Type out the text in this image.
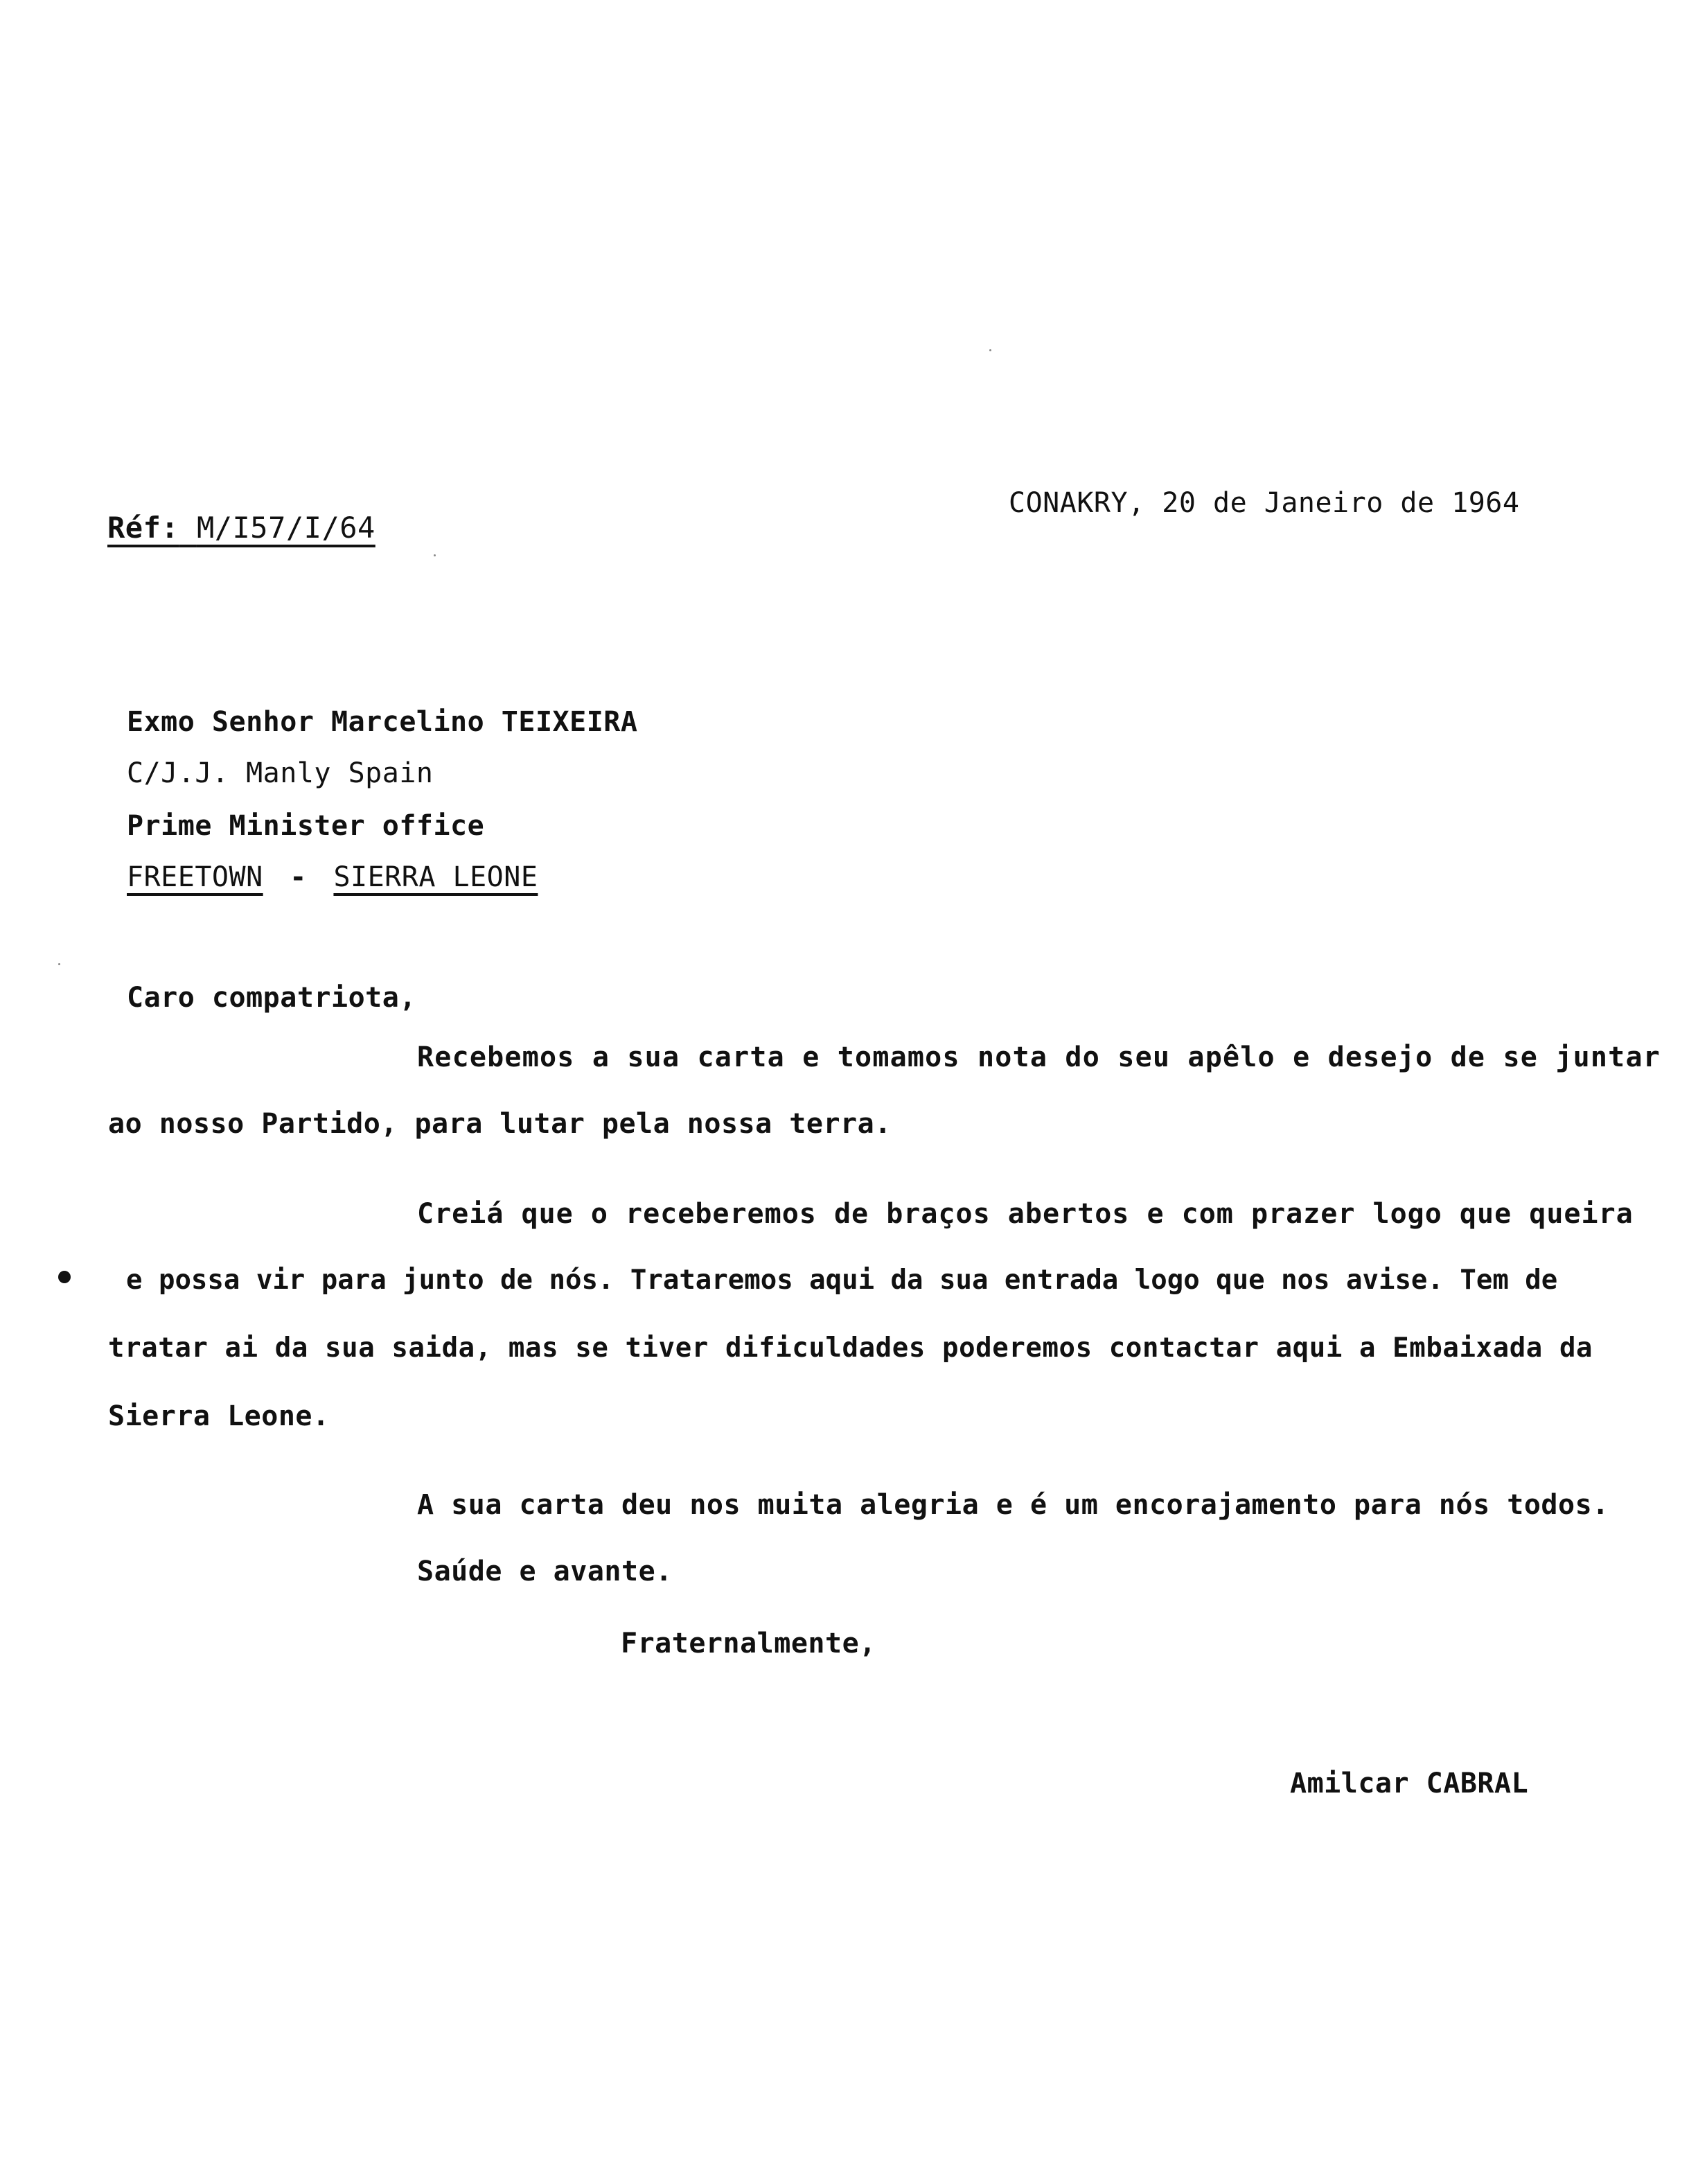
Réf: M/I57/I/64
CONAKRY, 20 de Janeiro de 1964
Exmo Senhor Marcelino TEIXEIRA
C/J.J. Manly Spain
Prime Minister office
FREETOWN - SIERRA LEONE
Caro compatriota,
Recebemos a sua carta e tomamos nota do seu apêlo e desejo de se juntar
ao nosso Partido, para lutar pela nossa terra.
Creiá que o receberemos de braços abertos e com prazer logo que queira
e possa vir para junto de nós. Trataremos aqui da sua entrada logo que nos avise. Tem de
tratar ai da sua saida, mas se tiver dificuldades poderemos contactar aqui a Embaixada da
Sierra Leone.
A sua carta deu nos muita alegria e é um encorajamento para nós todos.
Saúde e avante.
Fraternalmente,
Amilcar CABRAL
